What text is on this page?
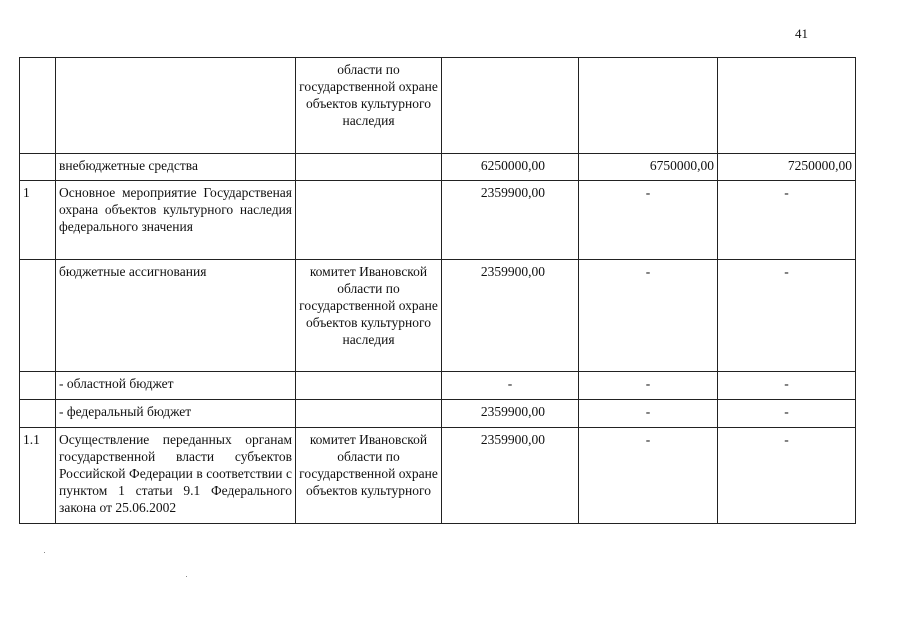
41
		области по государственной охране объектов культурного наследия			
	внебюджетные средства		6250000,00	6750000,00	7250000,00
1	Основное мероприятие Государственая охрана объектов культурного наследия федерального значения		2359900,00	-	-
	бюджетные ассигнования	комитет Ивановской области по государственной охране объектов культурного наследия	2359900,00	-	-
	- областной бюджет		-	-	-
	- федеральный бюджет		2359900,00	-	-
1.1	Осуществление переданных органам государственной власти субъектов Российской Федерации в соответствии с пунктом 1 статьи 9.1 Федерального закона от 25.06.2002	комитет Ивановской области по государственной охране объектов культурного	2359900,00	-	-
